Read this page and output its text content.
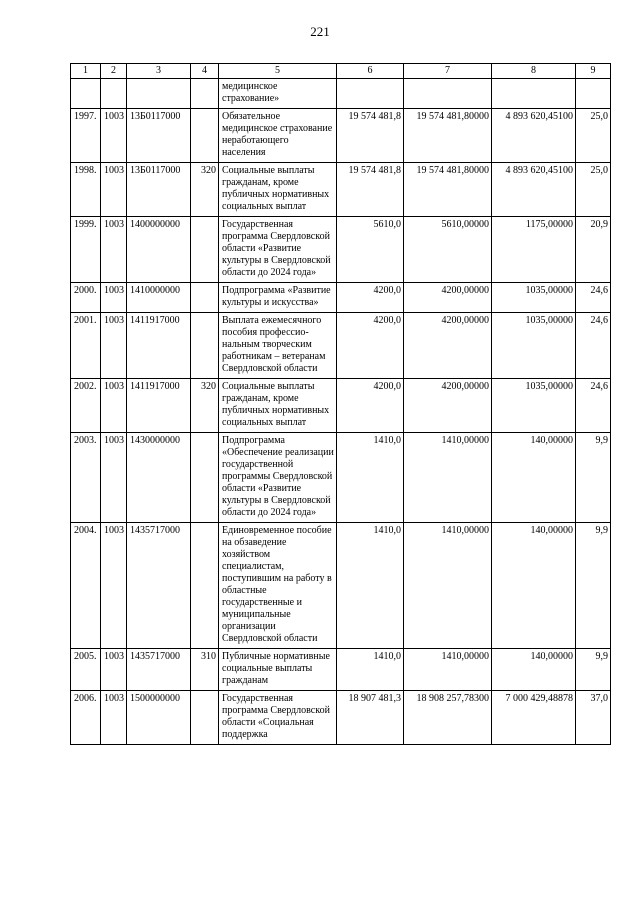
221
1	2	3	4	5	6	7	8	9
				медицинское страхование»				
1997.	1003	13Б0117000		Обязательное медицинское страхование неработающего населения	19 574 481,8	19 574 481,80000	4 893 620,45100	25,0
1998.	1003	13Б0117000	320	Социальные выплаты гражданам, кроме публичных нормативных социальных выплат	19 574 481,8	19 574 481,80000	4 893 620,45100	25,0
1999.	1003	1400000000		Государственная программа Свердловской области «Развитие культуры в Свердловской области до 2024 года»	5610,0	5610,00000	1175,00000	20,9
2000.	1003	1410000000		Подпрограмма «Развитие культуры и искусства»	4200,0	4200,00000	1035,00000	24,6
2001.	1003	1411917000		Выплата ежемесячного пособия профессио- нальным творческим работникам – ветеранам Свердловской области	4200,0	4200,00000	1035,00000	24,6
2002.	1003	1411917000	320	Социальные выплаты гражданам, кроме публичных нормативных социальных выплат	4200,0	4200,00000	1035,00000	24,6
2003.	1003	1430000000		Подпрограмма «Обеспечение реализации государственной программы Свердловской области «Развитие культуры в Свердловской области до 2024 года»	1410,0	1410,00000	140,00000	9,9
2004.	1003	1435717000		Единовременное пособие на обзаведение хозяйством специалистам, поступившим на работу в областные государственные и муниципальные организации Свердловской области	1410,0	1410,00000	140,00000	9,9
2005.	1003	1435717000	310	Публичные нормативные социальные выплаты гражданам	1410,0	1410,00000	140,00000	9,9
2006.	1003	1500000000		Государственная программа Свердловской области «Социальная поддержка	18 907 481,3	18 908 257,78300	7 000 429,48878	37,0
